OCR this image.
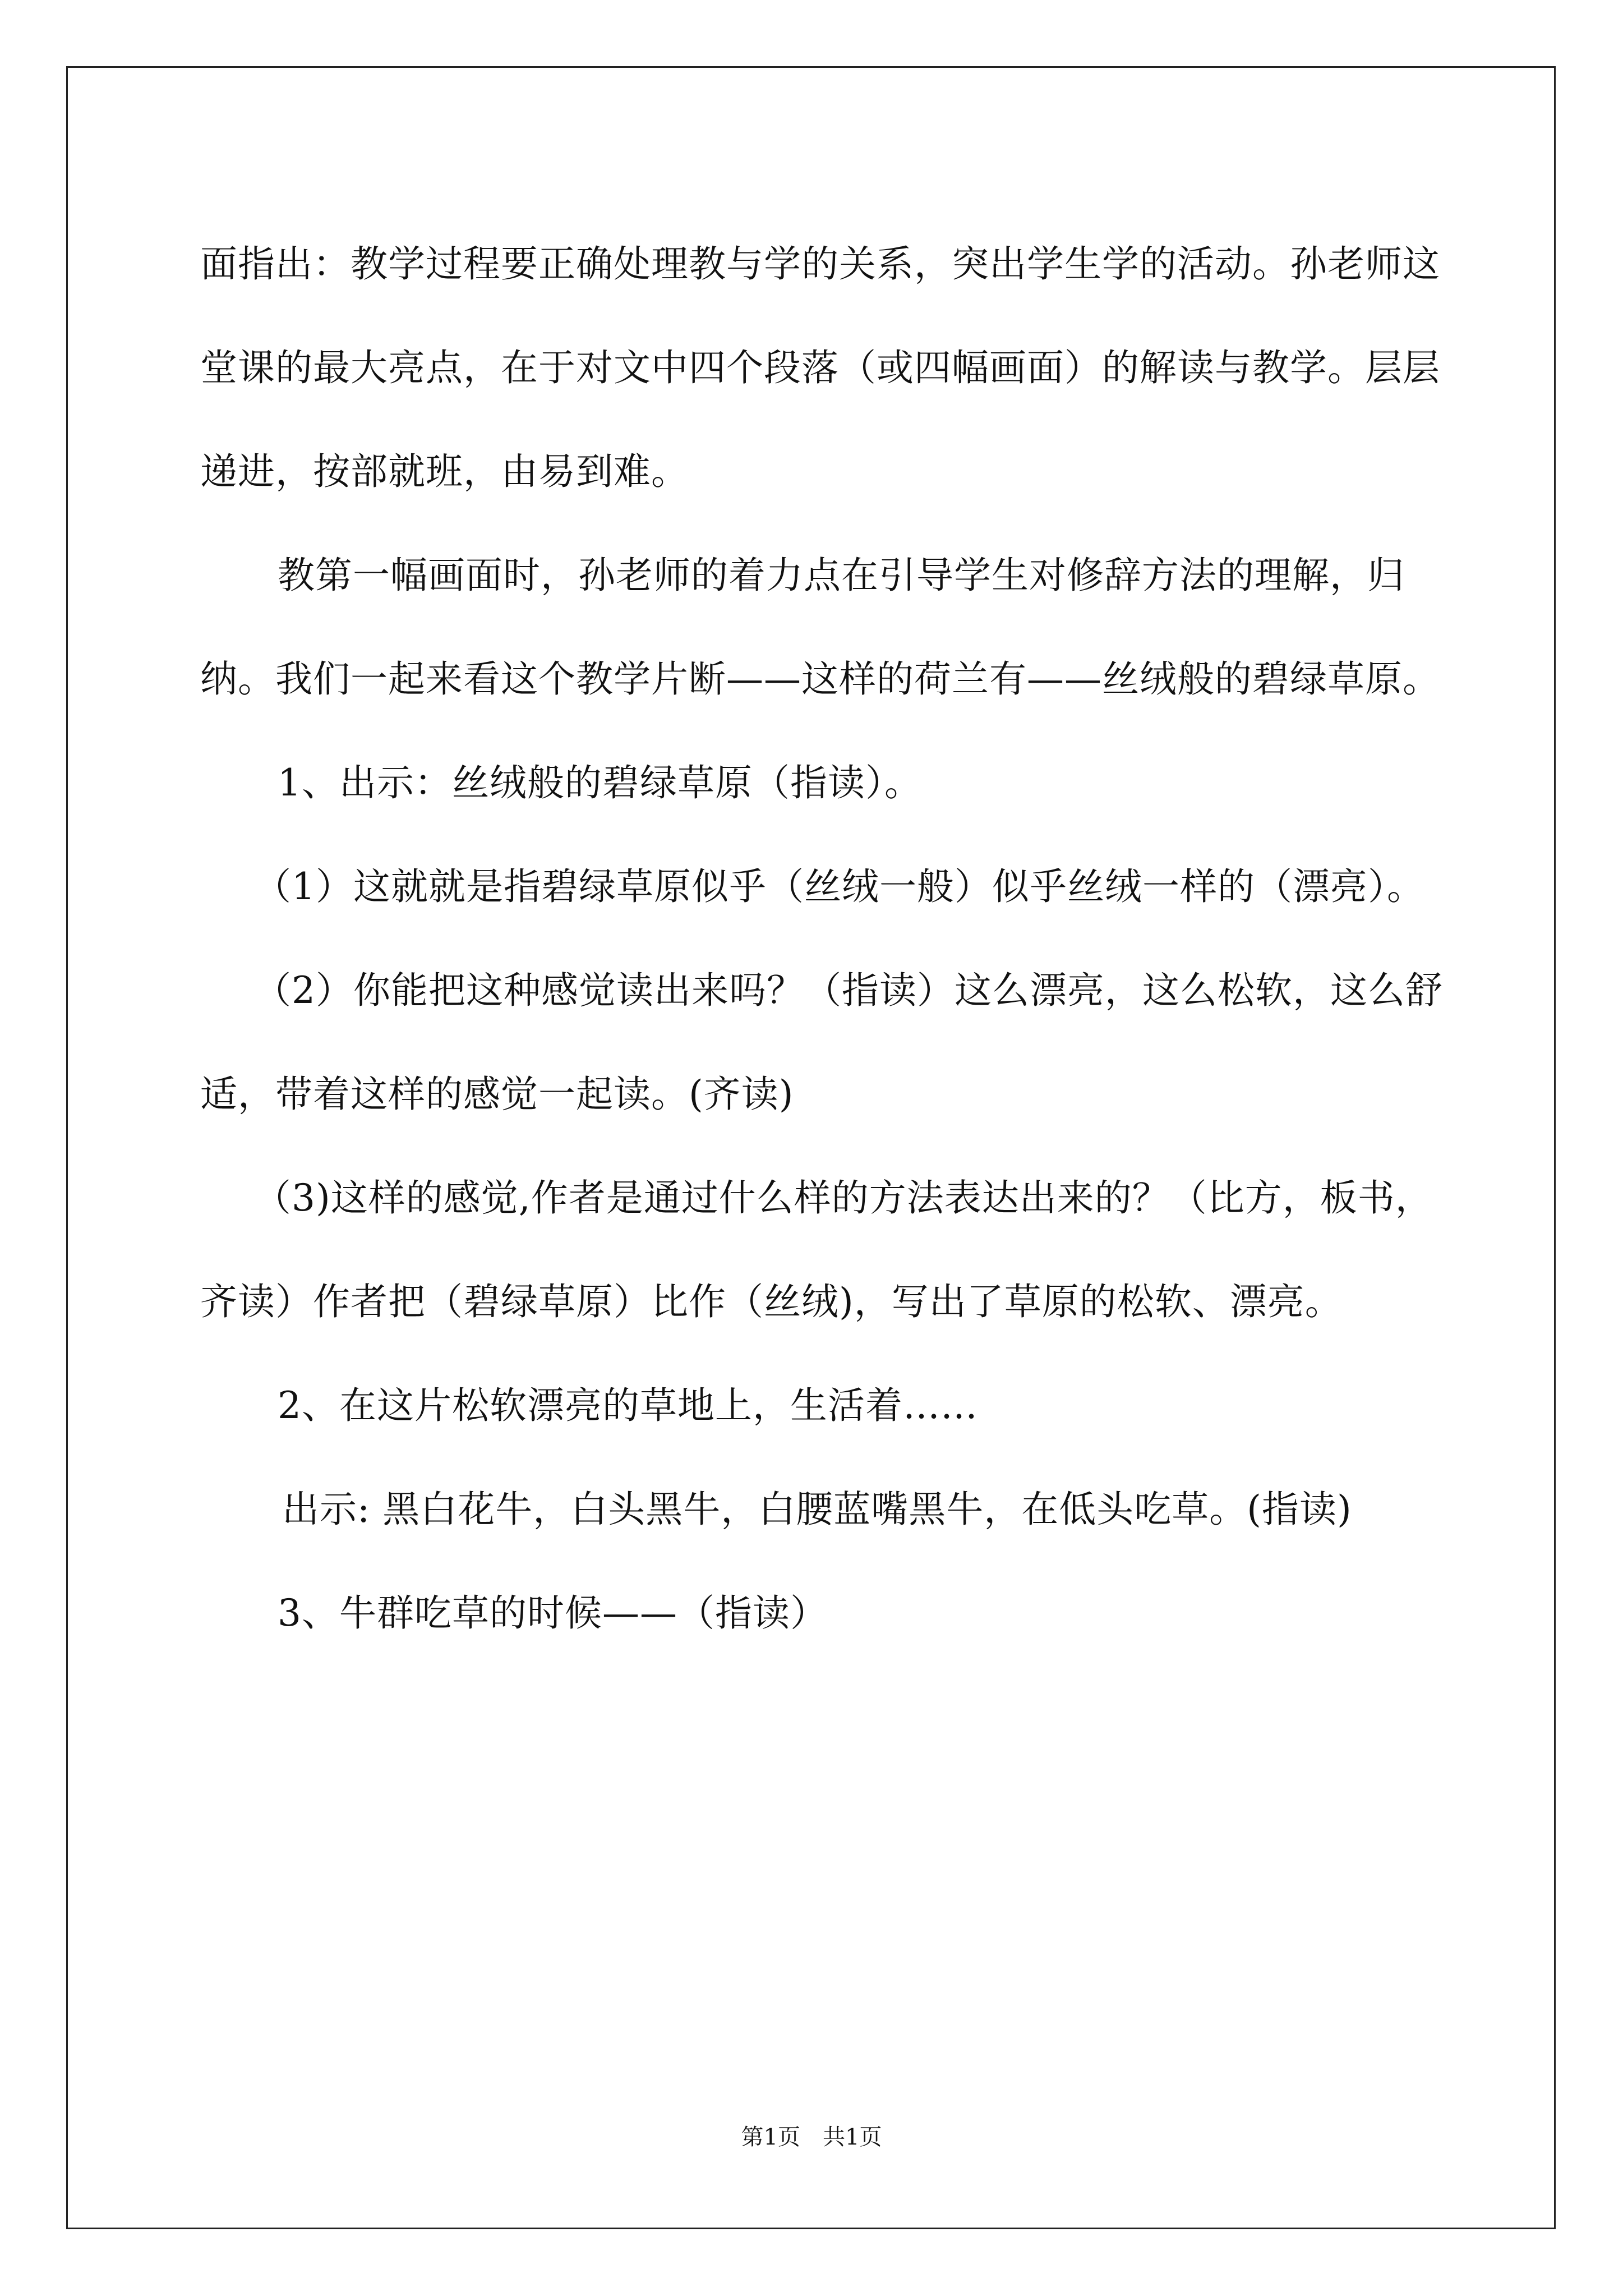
面指出：教学过程要正确处理教与学的关系，突出学生学的活动。孙老师这堂课的最大亮点，在于对文中四个段落（或四幅画面）的解读与教学。层层递进，按部就班，由易到难。

教第一幅画面时，孙老师的着力点在引导学生对修辞方法的理解，归纳。我们一起来看这个教学片断——这样的荷兰有——丝绒般的碧绿草原。

1、出示：丝绒般的碧绿草原（指读）。

（1）这就就是指碧绿草原似乎（丝绒一般）似乎丝绒一样的（漂亮）。

（2）你能把这种感觉读出来吗？（指读）这么漂亮，这么松软，这么舒适，带着这样的感觉一起读。(齐读)

（3)这样的感觉,作者是通过什么样的方法表达出来的？（比方，板书，齐读）作者把（碧绿草原）比作（丝绒)，写出了草原的松软、漂亮。

2、在这片松软漂亮的草地上，生活着……

出示: 黑白花牛，白头黑牛，白腰蓝嘴黑牛，在低头吃草。(指读)

3、牛群吃草的时候——（指读）

第1页　共1页
